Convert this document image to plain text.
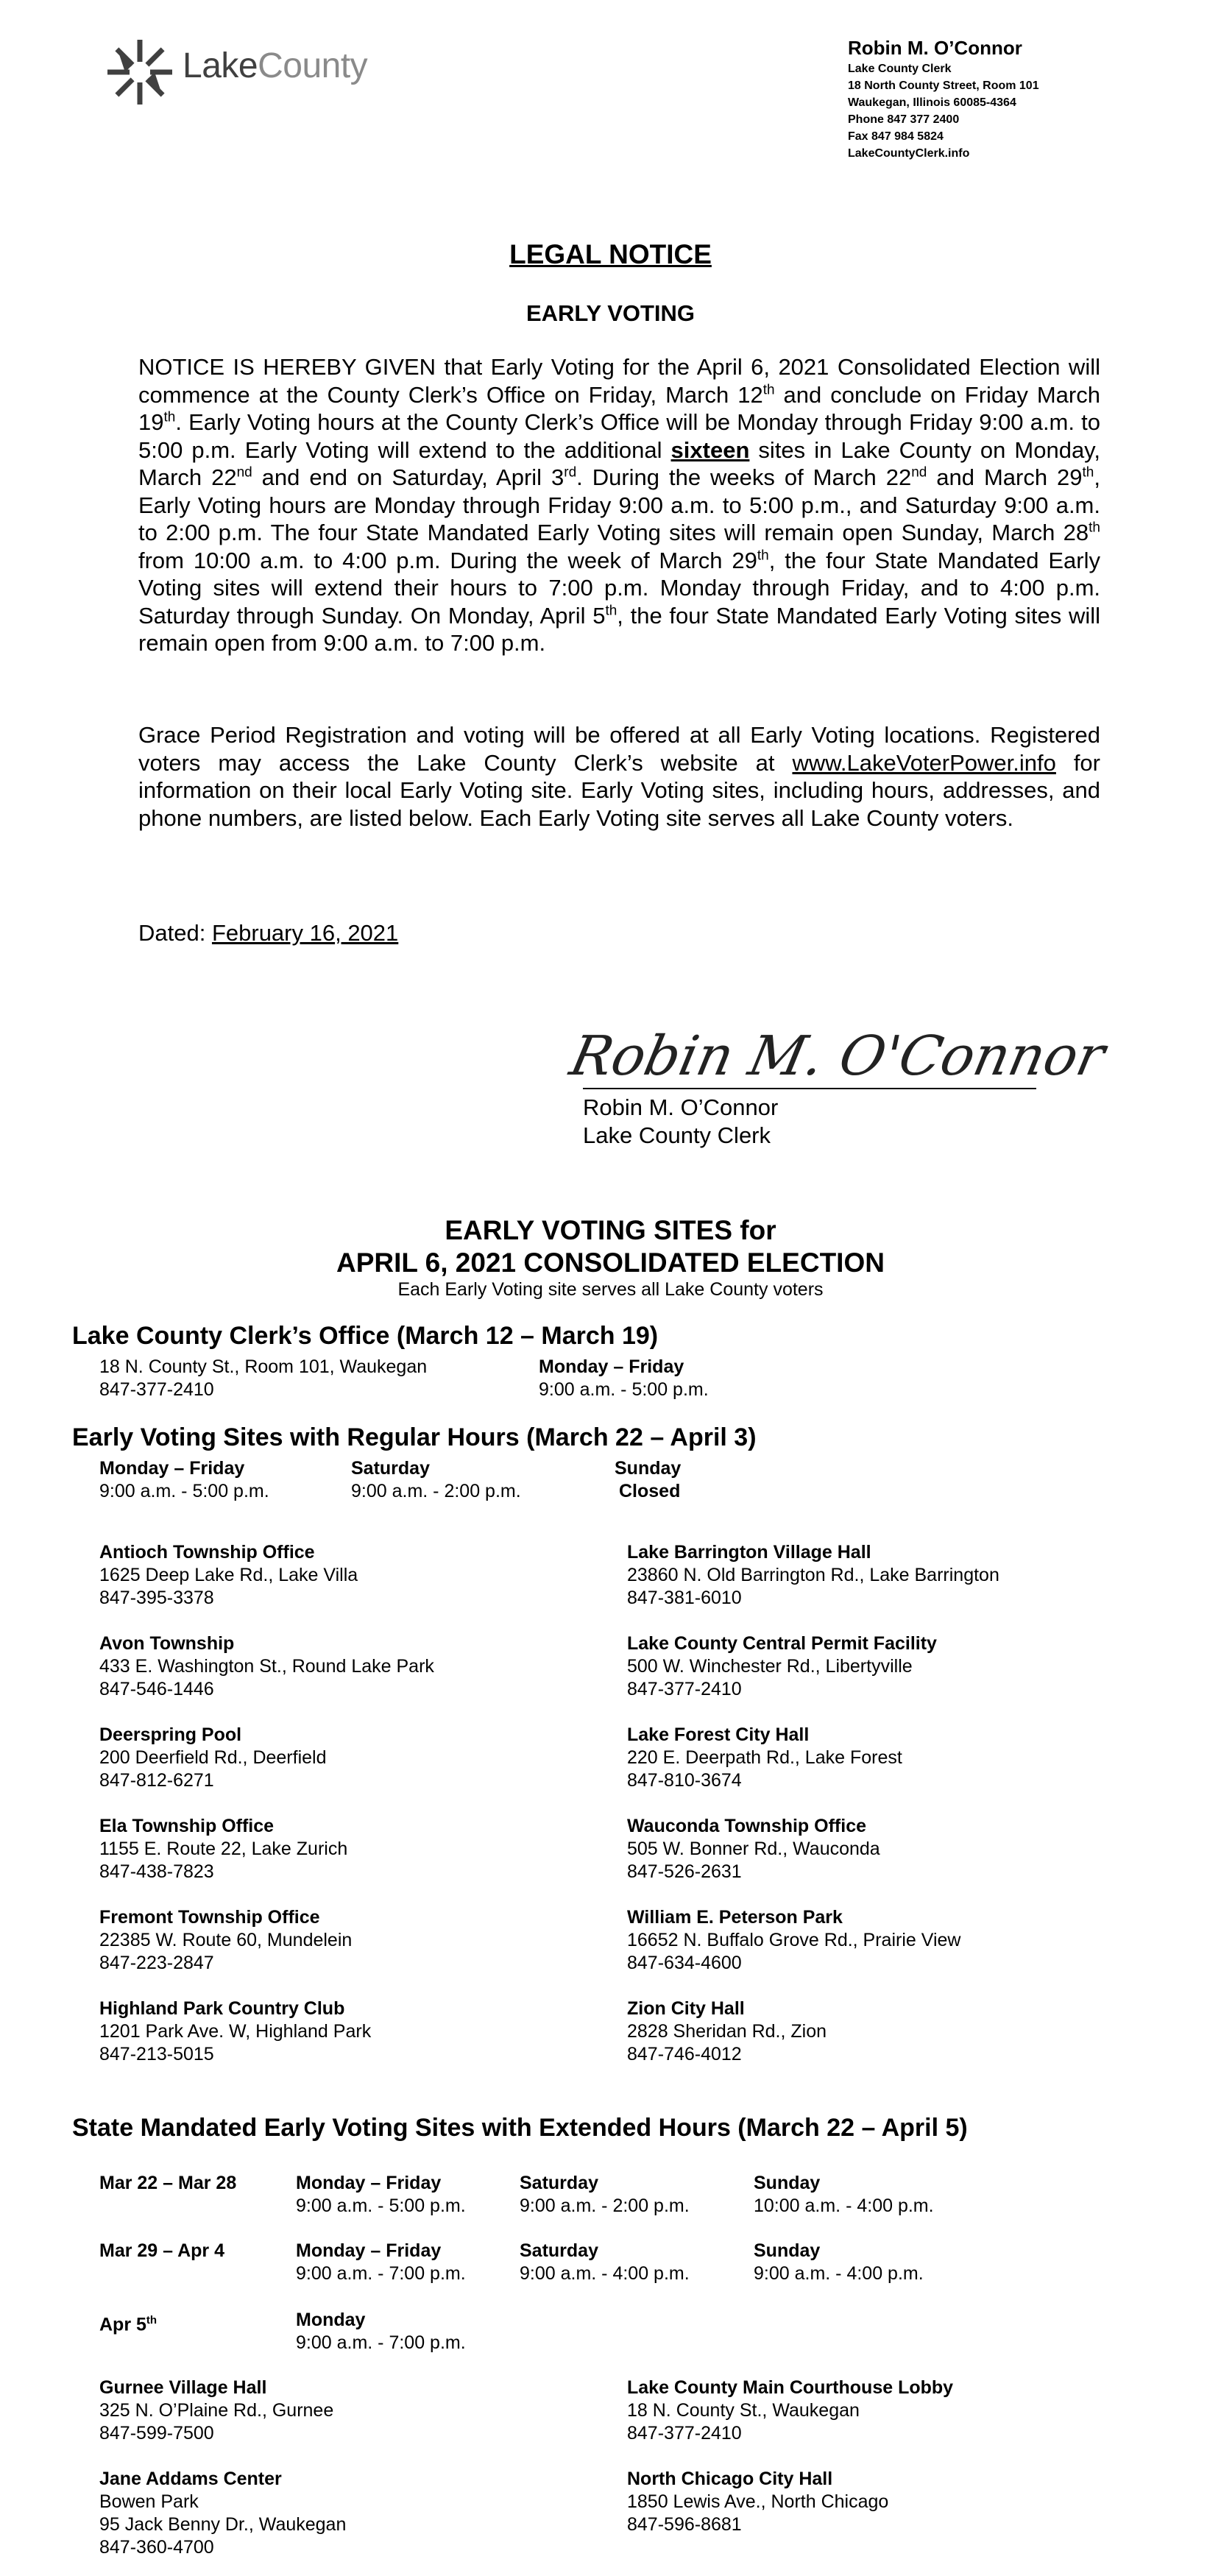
LakeCounty	Robin M. O’Connor
Lake County Clerk
18 North County Street, Room 101
Waukegan, Illinois 60085-4364
Phone 847 377 2400
Fax 847 984 5824
LakeCountyClerk.info
LEGAL NOTICE
EARLY VOTING
NOTICE IS HEREBY GIVEN that Early Voting for the April 6, 2021 Consolidated Election will commence at the County Clerk’s Office on Friday, March 12th and conclude on Friday March 19th. Early Voting hours at the County Clerk’s Office will be Monday through Friday 9:00 a.m. to 5:00 p.m. Early Voting will extend to the additional sixteen sites in Lake County on Monday, March 22nd and end on Saturday, April 3rd. During the weeks of March 22nd and March 29th, Early Voting hours are Monday through Friday 9:00 a.m. to 5:00 p.m., and Saturday 9:00 a.m. to 2:00 p.m. The four State Mandated Early Voting sites will remain open Sunday, March 28th from 10:00 a.m. to 4:00 p.m. During the week of March 29th, the four State Mandated Early Voting sites will extend their hours to 7:00 p.m. Monday through Friday, and to 4:00 p.m. Saturday through Sunday. On Monday, April 5th, the four State Mandated Early Voting sites will remain open from 9:00 a.m. to 7:00 p.m.
Grace Period Registration and voting will be offered at all Early Voting locations. Registered voters may access the Lake County Clerk’s website at www.LakeVoterPower.info for information on their local Early Voting site. Early Voting sites, including hours, addresses, and phone numbers, are listed below. Each Early Voting site serves all Lake County voters.
Dated: February 16, 2021
Robin M. O'Connor
Robin M. O’Connor
Lake County Clerk
EARLY VOTING SITES for
APRIL 6, 2021 CONSOLIDATED ELECTION
Each Early Voting site serves all Lake County voters
Lake County Clerk’s Office (March 12 – March 19)
18 N. County St., Room 101, Waukegan
847-377-2410
Monday – Friday
9:00 a.m. - 5:00 p.m.
Early Voting Sites with Regular Hours (March 22 – April 3)
Monday – Friday
9:00 a.m. - 5:00 p.m.
Saturday
9:00 a.m. - 2:00 p.m.
Sunday
Closed
Antioch Township Office
1625 Deep Lake Rd., Lake Villa
847-395-3378
Avon Township
433 E. Washington St., Round Lake Park
847-546-1446
Deerspring Pool
200 Deerfield Rd., Deerfield
847-812-6271
Ela Township Office
1155 E. Route 22, Lake Zurich
847-438-7823
Fremont Township Office
22385 W. Route 60, Mundelein
847-223-2847
Highland Park Country Club
1201 Park Ave. W, Highland Park
847-213-5015
Lake Barrington Village Hall
23860 N. Old Barrington Rd., Lake Barrington
847-381-6010
Lake County Central Permit Facility
500 W. Winchester Rd., Libertyville
847-377-2410
Lake Forest City Hall
220 E. Deerpath Rd., Lake Forest
847-810-3674
Wauconda Township Office
505 W. Bonner Rd., Wauconda
847-526-2631
William E. Peterson Park
16652 N. Buffalo Grove Rd., Prairie View
847-634-4600
Zion City Hall
2828 Sheridan Rd., Zion
847-746-4012
State Mandated Early Voting Sites with Extended Hours (March 22 – April 5)
Mar 22 – Mar 28	Monday – Friday
9:00 a.m. - 5:00 p.m.
Saturday
9:00 a.m. - 2:00 p.m.
Sunday
10:00 a.m. - 4:00 p.m.
Mar 29 – Apr 4	Monday – Friday
9:00 a.m. - 7:00 p.m.
Saturday
9:00 a.m. - 4:00 p.m.
Sunday
9:00 a.m. - 4:00 p.m.
Apr 5th	Monday
9:00 a.m. - 7:00 p.m.
Gurnee Village Hall
325 N. O’Plaine Rd., Gurnee
847-599-7500
Jane Addams Center
Bowen Park
95 Jack Benny Dr., Waukegan
847-360-4700
Lake County Main Courthouse Lobby
18 N. County St., Waukegan
847-377-2410
North Chicago City Hall
1850 Lewis Ave., North Chicago
847-596-8681
